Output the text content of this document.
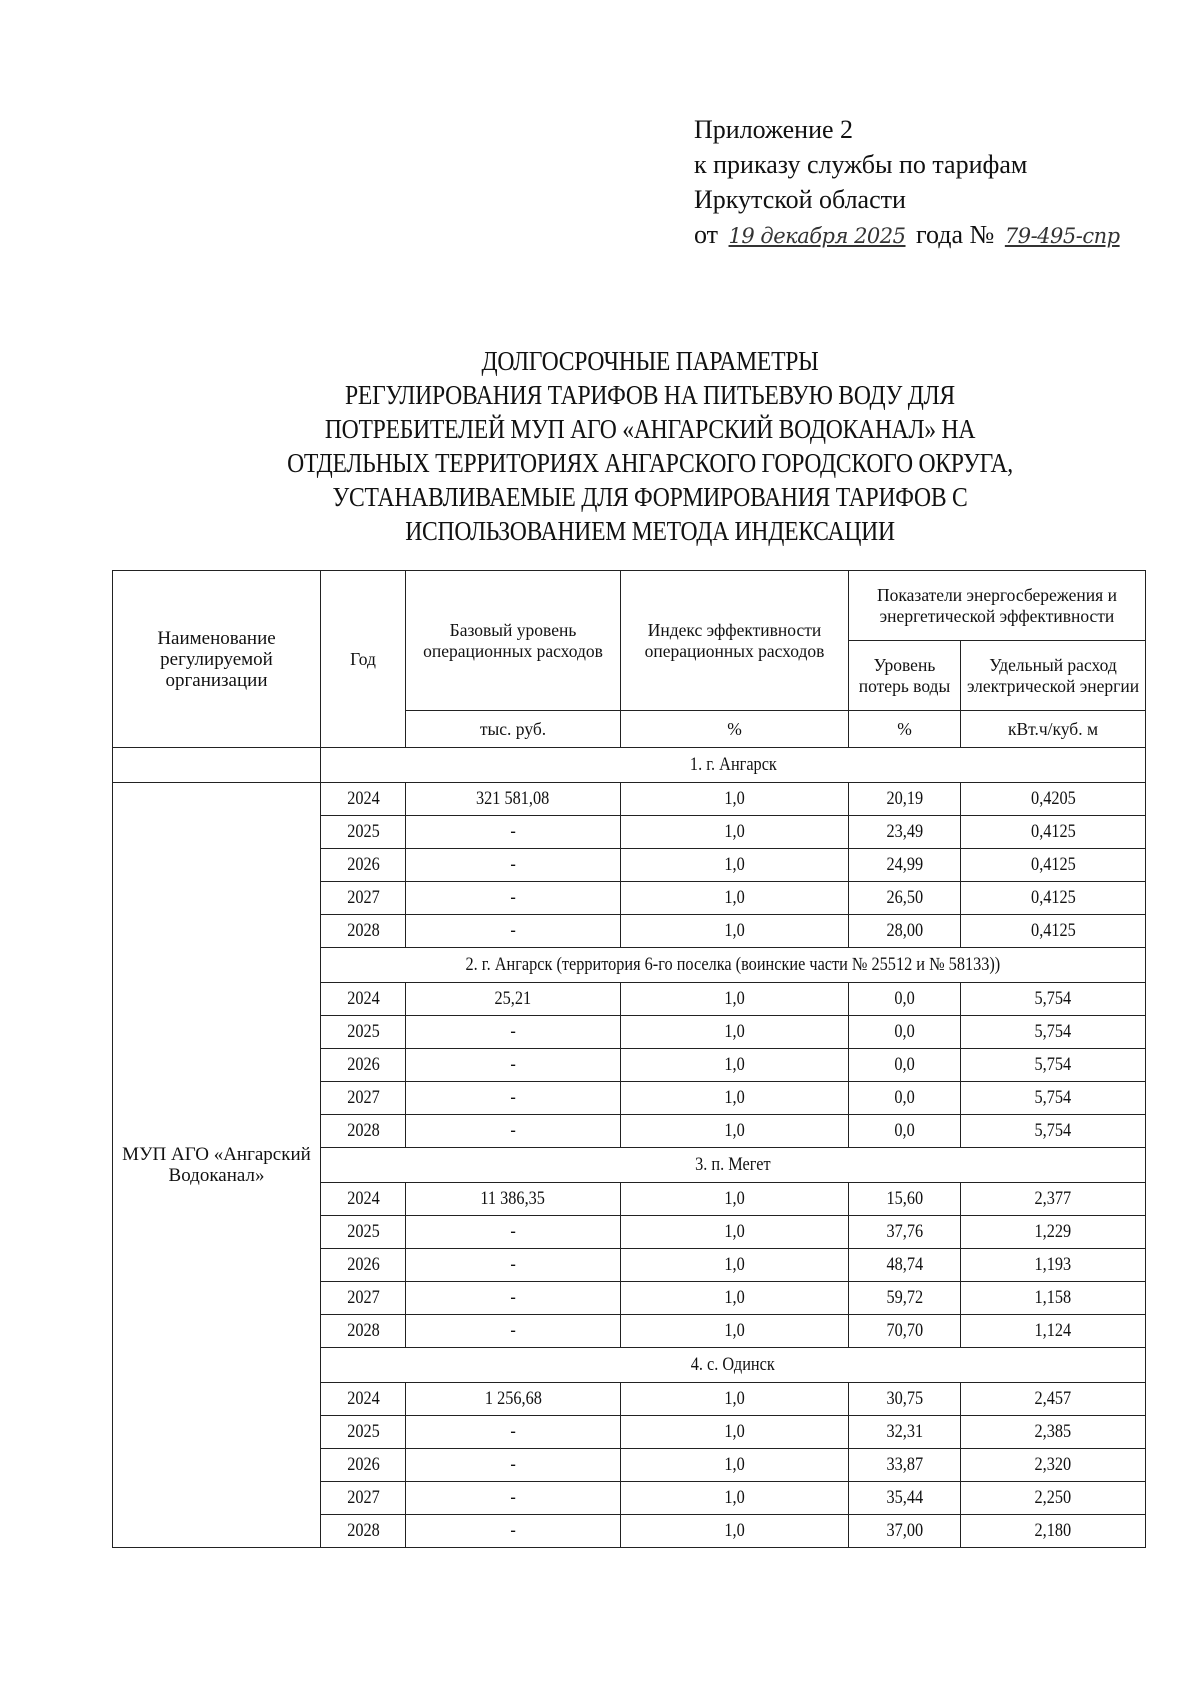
Приложение 2
к приказу службы по тарифам
Иркутской области
от 19 декабря 2025 года № 79-495-спр
ДОЛГОСРОЧНЫЕ ПАРАМЕТРЫ
РЕГУЛИРОВАНИЯ ТАРИФОВ НА ПИТЬЕВУЮ ВОДУ ДЛЯ
ПОТРЕБИТЕЛЕЙ МУП АГО «АНГАРСКИЙ ВОДОКАНАЛ» НА
ОТДЕЛЬНЫХ ТЕРРИТОРИЯХ АНГАРСКОГО ГОРОДСКОГО ОКРУГА,
УСТАНАВЛИВАЕМЫЕ ДЛЯ ФОРМИРОВАНИЯ ТАРИФОВ С
ИСПОЛЬЗОВАНИЕМ МЕТОДА ИНДЕКСАЦИИ
Наименование регулируемой организации	Год	Базовый уровень операционных расходов	Индекс эффективности операционных расходов	Показатели энергосбережения и энергетической эффективности	
				Уровень потерь воды	Удельный расход электрической энергии
		тыс. руб.	%	%	кВт.ч/куб. м
	1. г. Ангарск				
МУП АГО «Ангарский Водоканал»	2024	321 581,08	1,0	20,19	0,4205
	2025	-	1,0	23,49	0,4125
	2026	-	1,0	24,99	0,4125
	2027	-	1,0	26,50	0,4125
	2028	-	1,0	28,00	0,4125
	2. г. Ангарск (территория 6-го поселка (воинские части № 25512 и № 58133))				
	2024	25,21	1,0	0,0	5,754
	2025	-	1,0	0,0	5,754
	2026	-	1,0	0,0	5,754
	2027	-	1,0	0,0	5,754
	2028	-	1,0	0,0	5,754
	3. п. Мегет				
	2024	11 386,35	1,0	15,60	2,377
	2025	-	1,0	37,76	1,229
	2026	-	1,0	48,74	1,193
	2027	-	1,0	59,72	1,158
	2028	-	1,0	70,70	1,124
	4. с. Одинск				
	2024	1 256,68	1,0	30,75	2,457
	2025	-	1,0	32,31	2,385
	2026	-	1,0	33,87	2,320
	2027	-	1,0	35,44	2,250
	2028	-	1,0	37,00	2,180
